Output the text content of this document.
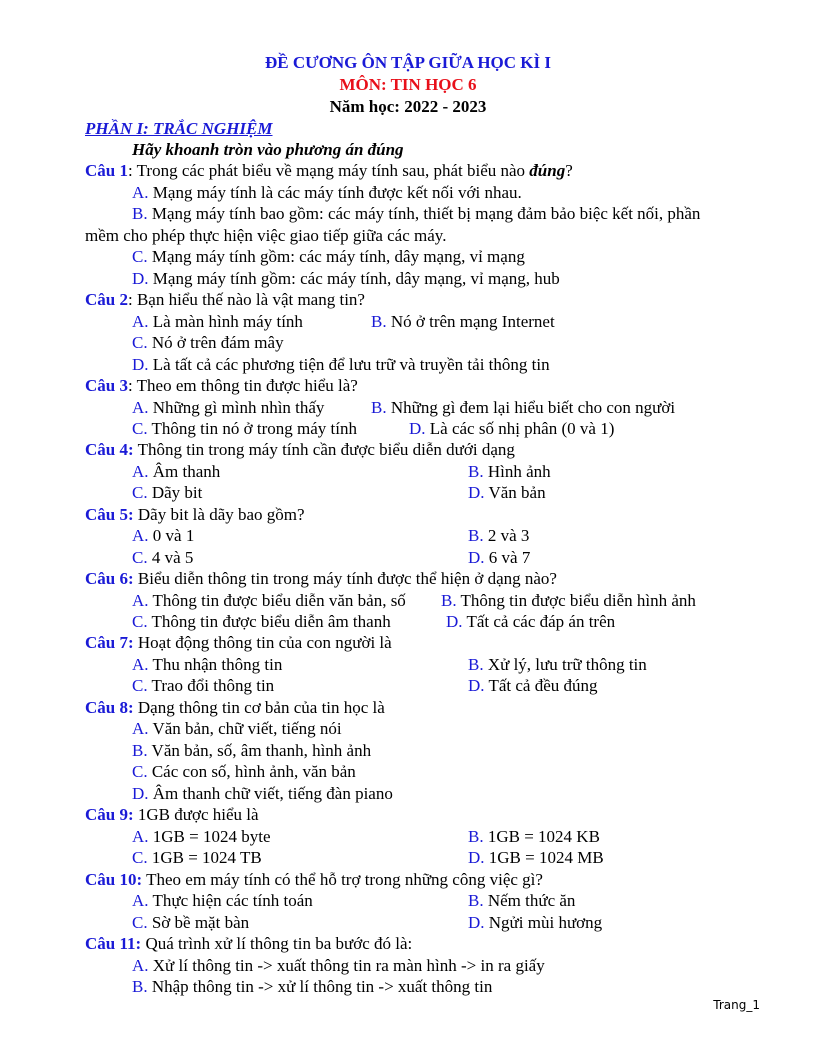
ĐỀ CƯƠNG ÔN TẬP GIỮA HỌC KÌ I
MÔN: TIN HỌC 6
Năm học: 2022 - 2023
PHẦN I: TRẮC NGHIỆM
Hãy khoanh tròn vào phương án đúng
Câu 1: Trong các phát biểu về mạng máy tính sau, phát biểu nào đúng?
A. Mạng máy tính là các máy tính được kết nối với nhau.
B. Mạng máy tính bao gồm: các máy tính, thiết bị mạng đảm bảo biệc kết nối, phần
mềm cho phép thực hiện việc giao tiếp giữa các máy.
C. Mạng máy tính gồm: các máy tính, dây mạng, vỉ mạng
D. Mạng máy tính gồm: các máy tính, dây mạng, vỉ mạng, hub
Câu 2: Bạn hiểu thế nào là vật mang tin?
A. Là màn hình máy tính	B. Nó ở trên mạng Internet
C. Nó ở trên đám mây
D. Là tất cả các phương tiện để lưu trữ và truyền tải thông tin
Câu 3: Theo em thông tin được hiểu là?
A. Những gì mình nhìn thấy	B. Những gì đem lại hiểu biết cho con người
C. Thông tin nó ở trong máy tính	D. Là các số nhị phân (0 và 1)
Câu 4: Thông tin trong máy tính cần được biểu diễn dưới dạng
A. Âm thanh	B. Hình ảnh
C. Dãy bit	D. Văn bản
Câu 5: Dãy bit là dãy bao gồm?
A. 0 và 1	B. 2 và 3
C. 4 và 5	D. 6 và 7
Câu 6: Biểu diễn thông tin trong máy tính được thể hiện ở dạng nào?
A. Thông tin được biểu diễn văn bản, số B. Thông tin được biểu diễn hình ảnh
C. Thông tin được biểu diễn âm thanh	D. Tất cả các đáp án trên
Câu 7: Hoạt động thông tin của con người là
A. Thu nhận thông tin	B. Xử lý, lưu trữ thông tin
C. Trao đổi thông tin	D. Tất cả đều đúng
Câu 8: Dạng thông tin cơ bản của tin học là
A. Văn bản, chữ viết, tiếng nói
B. Văn bản, số, âm thanh, hình ảnh
C. Các con số, hình ảnh, văn bản
D. Âm thanh chữ viết, tiếng đàn piano
Câu 9: 1GB được hiểu là
A. 1GB = 1024 byte	B. 1GB = 1024 KB
C. 1GB = 1024 TB	D. 1GB = 1024 MB
Câu 10: Theo em máy tính có thể hỗ trợ trong những công việc gì?
A. Thực hiện các tính toán	B. Nếm thức ăn
C. Sờ bề mặt bàn	D. Ngửi mùi hương
Câu 11: Quá trình xử lí thông tin ba bước đó là:
A. Xử lí thông tin -> xuất thông tin ra màn hình -> in ra giấy
B. Nhập thông tin -> xử lí thông tin -> xuất thông tin
Trang_1
